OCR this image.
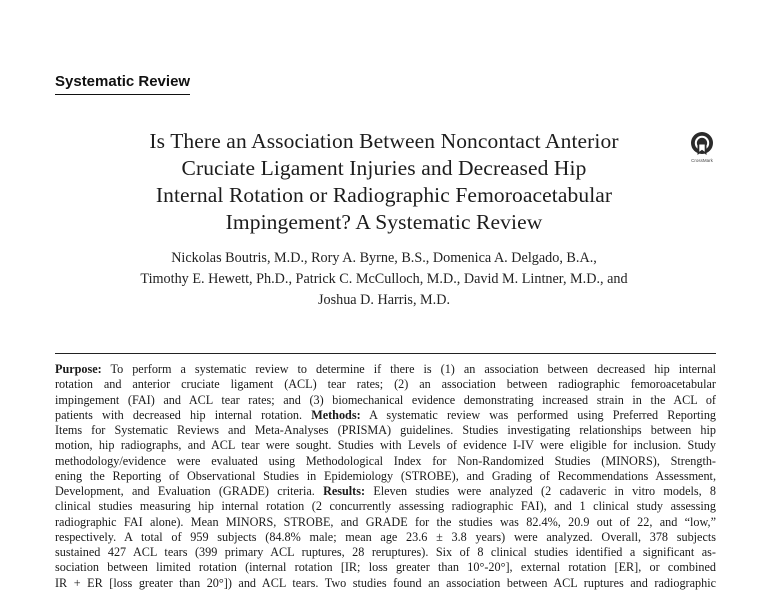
Systematic Review
Is There an Association Between Noncontact Anterior
Cruciate Ligament Injuries and Decreased Hip
Internal Rotation or Radiographic Femoroacetabular
Impingement? A Systematic Review
CrossMark
Nickolas Boutris, M.D., Rory A. Byrne, B.S., Domenica A. Delgado, B.A.,
Timothy E. Hewett, Ph.D., Patrick C. McCulloch, M.D., David M. Lintner, M.D., and
Joshua D. Harris, M.D.
Purpose: To perform a systematic review to determine if there is (1) an association between decreased hip internal
rotation and anterior cruciate ligament (ACL) tear rates; (2) an association between radiographic femoroacetabular
impingement (FAI) and ACL tear rates; and (3) biomechanical evidence demonstrating increased strain in the ACL of
patients with decreased hip internal rotation. Methods: A systematic review was performed using Preferred Reporting
Items for Systematic Reviews and Meta-Analyses (PRISMA) guidelines. Studies investigating relationships between hip
motion, hip radiographs, and ACL tear were sought. Studies with Levels of evidence I-IV were eligible for inclusion. Study
methodology/evidence were evaluated using Methodological Index for Non-Randomized Studies (MINORS), Strength-
ening the Reporting of Observational Studies in Epidemiology (STROBE), and Grading of Recommendations Assessment,
Development, and Evaluation (GRADE) criteria. Results: Eleven studies were analyzed (2 cadaveric in vitro models, 8
clinical studies measuring hip internal rotation (2 concurrently assessing radiographic FAI), and 1 clinical study assessing
radiographic FAI alone). Mean MINORS, STROBE, and GRADE for the studies was 82.4%, 20.9 out of 22, and “low,”
respectively. A total of 959 subjects (84.8% male; mean age 23.6 ± 3.8 years) were analyzed. Overall, 378 subjects
sustained 427 ACL tears (399 primary ACL ruptures, 28 reruptures). Six of 8 clinical studies identified a significant as-
sociation between limited rotation (internal rotation [IR; loss greater than 10°-20°], external rotation [ER], or combined
IR + ER [loss greater than 20°]) and ACL tears. Two studies found an association between ACL ruptures and radiographic
